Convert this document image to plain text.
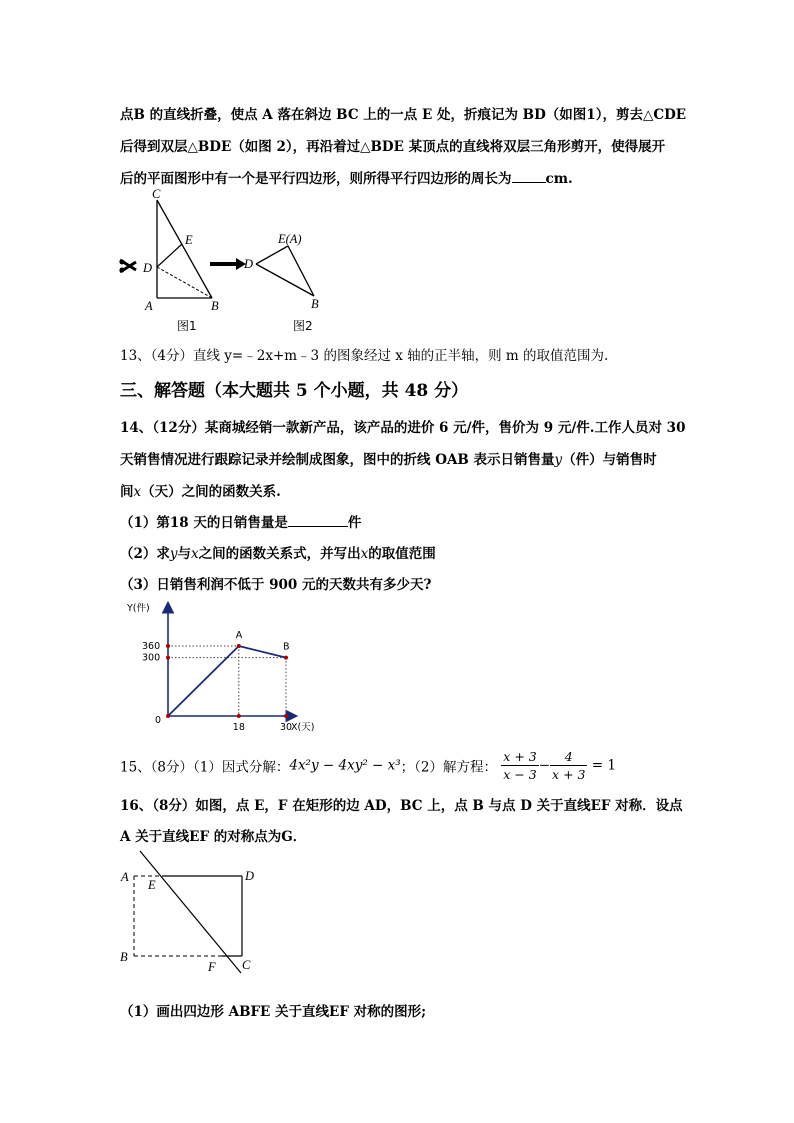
点B 的直线折叠，使点 A 落在斜边 BC 上的一点 E 处，折痕记为 BD（如图1），剪去△CDE
后得到双层△BDE（如图 2），再沿着过△BDE 某顶点的直线将双层三角形剪开，使得展开
后的平面图形中有一个是平行四边形，则所得平行四边形的周长为	cm.
C
E
D
A	B
图1
E(A)
D
B
图2
13、（4分）直线 y=﹣2x+m﹣3 的图象经过 x 轴的正半轴，则 m 的取值范围为.
三、解答题（本大题共 5 个小题，共 48 分）
14、（12分）某商城经销一款新产品，该产品的进价 6 元/件，售价为 9 元/件.工作人员对 30
天销售情况进行跟踪记录并绘制成图象，图中的折线 OAB 表示日销售量y（件）与销售时
间x（天）之间的函数关系.
（1）第18 天的日销售量是	件
（2）求y与x之间的函数关系式，并写出x的取值范围
（3）日销售利润不低于 900 元的天数共有多少天?
A
B
Y(件)
X(天)
0
360
18
300
30
15、（8分）（1）因式分解：4x²y − 4xy² − x³；（2）解方程： $\frac{x + 3}{x - 3} - \frac{4}{x + 3} = 1$
16、（8分）如图，点 E，F 在矩形的边 AD，BC 上，点 B 与点 D 关于直线EF 对称．设点
A 关于直线EF 的对称点为G．
A
E
D
B
F C
（1）画出四边形 ABFE 关于直线EF 对称的图形;
